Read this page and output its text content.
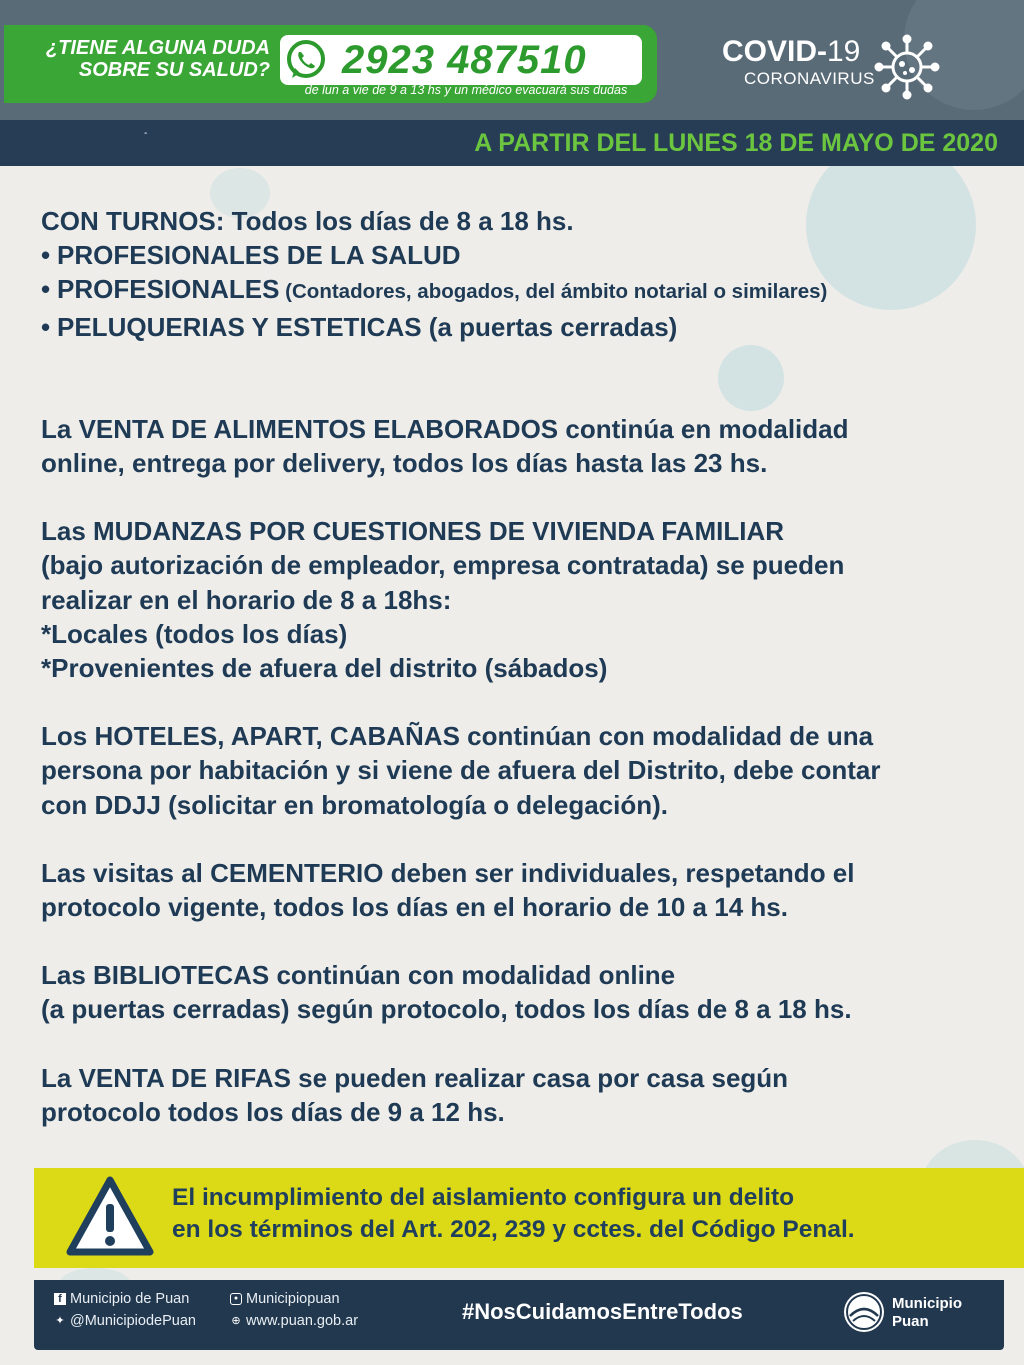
¿TIENE ALGUNA DUDA SOBRE SU SALUD? 2923 487510
de lun a vie de 9 a 13 hs y un médico evacuará sus dudas
COVID-19
CORONAVIRUS
-	A PARTIR DEL LUNES 18 DE MAYO DE 2020

CON TURNOS: Todos los días de 8 a 18 hs.

• PROFESIONALES DE LA SALUD

• PROFESIONALES (Contadores, abogados, del ámbito notarial o similares)

• PELUQUERIAS Y ESTETICAS (a puertas cerradas)

La VENTA DE ALIMENTOS ELABORADOS continúa en modalidad

online, entrega por delivery, todos los días hasta las 23 hs.

Las MUDANZAS POR CUESTIONES DE VIVIENDA FAMILIAR

(bajo autorización de empleador, empresa contratada) se pueden

realizar en el horario de 8 a 18hs:

*Locales (todos los días)

*Provenientes de afuera del distrito (sábados)

Los HOTELES, APART, CABAÑAS continúan con modalidad de una

persona por habitación y si viene de afuera del Distrito, debe contar

con DDJJ (solicitar en bromatología o delegación).

Las visitas al CEMENTERIO deben ser individuales, respetando el

protocolo vigente, todos los días en el horario de 10 a 14 hs.

Las BIBLIOTECAS continúan con modalidad online

(a puertas cerradas) según protocolo, todos los días de 8 a 18 hs.

La VENTA DE RIFAS se pueden realizar casa por casa según

protocolo todos los días de 9 a 12 hs.

El incumplimiento del aislamiento configura un delito
en los términos del Art. 202, 239 y cctes. del Código Penal.
f Municipio de Puan
✦ @MunicipiodePuan
● Municipiopuan
⊕ www.puan.gob.ar	#NosCuidamosEntreTodos	Municipio
Puan
